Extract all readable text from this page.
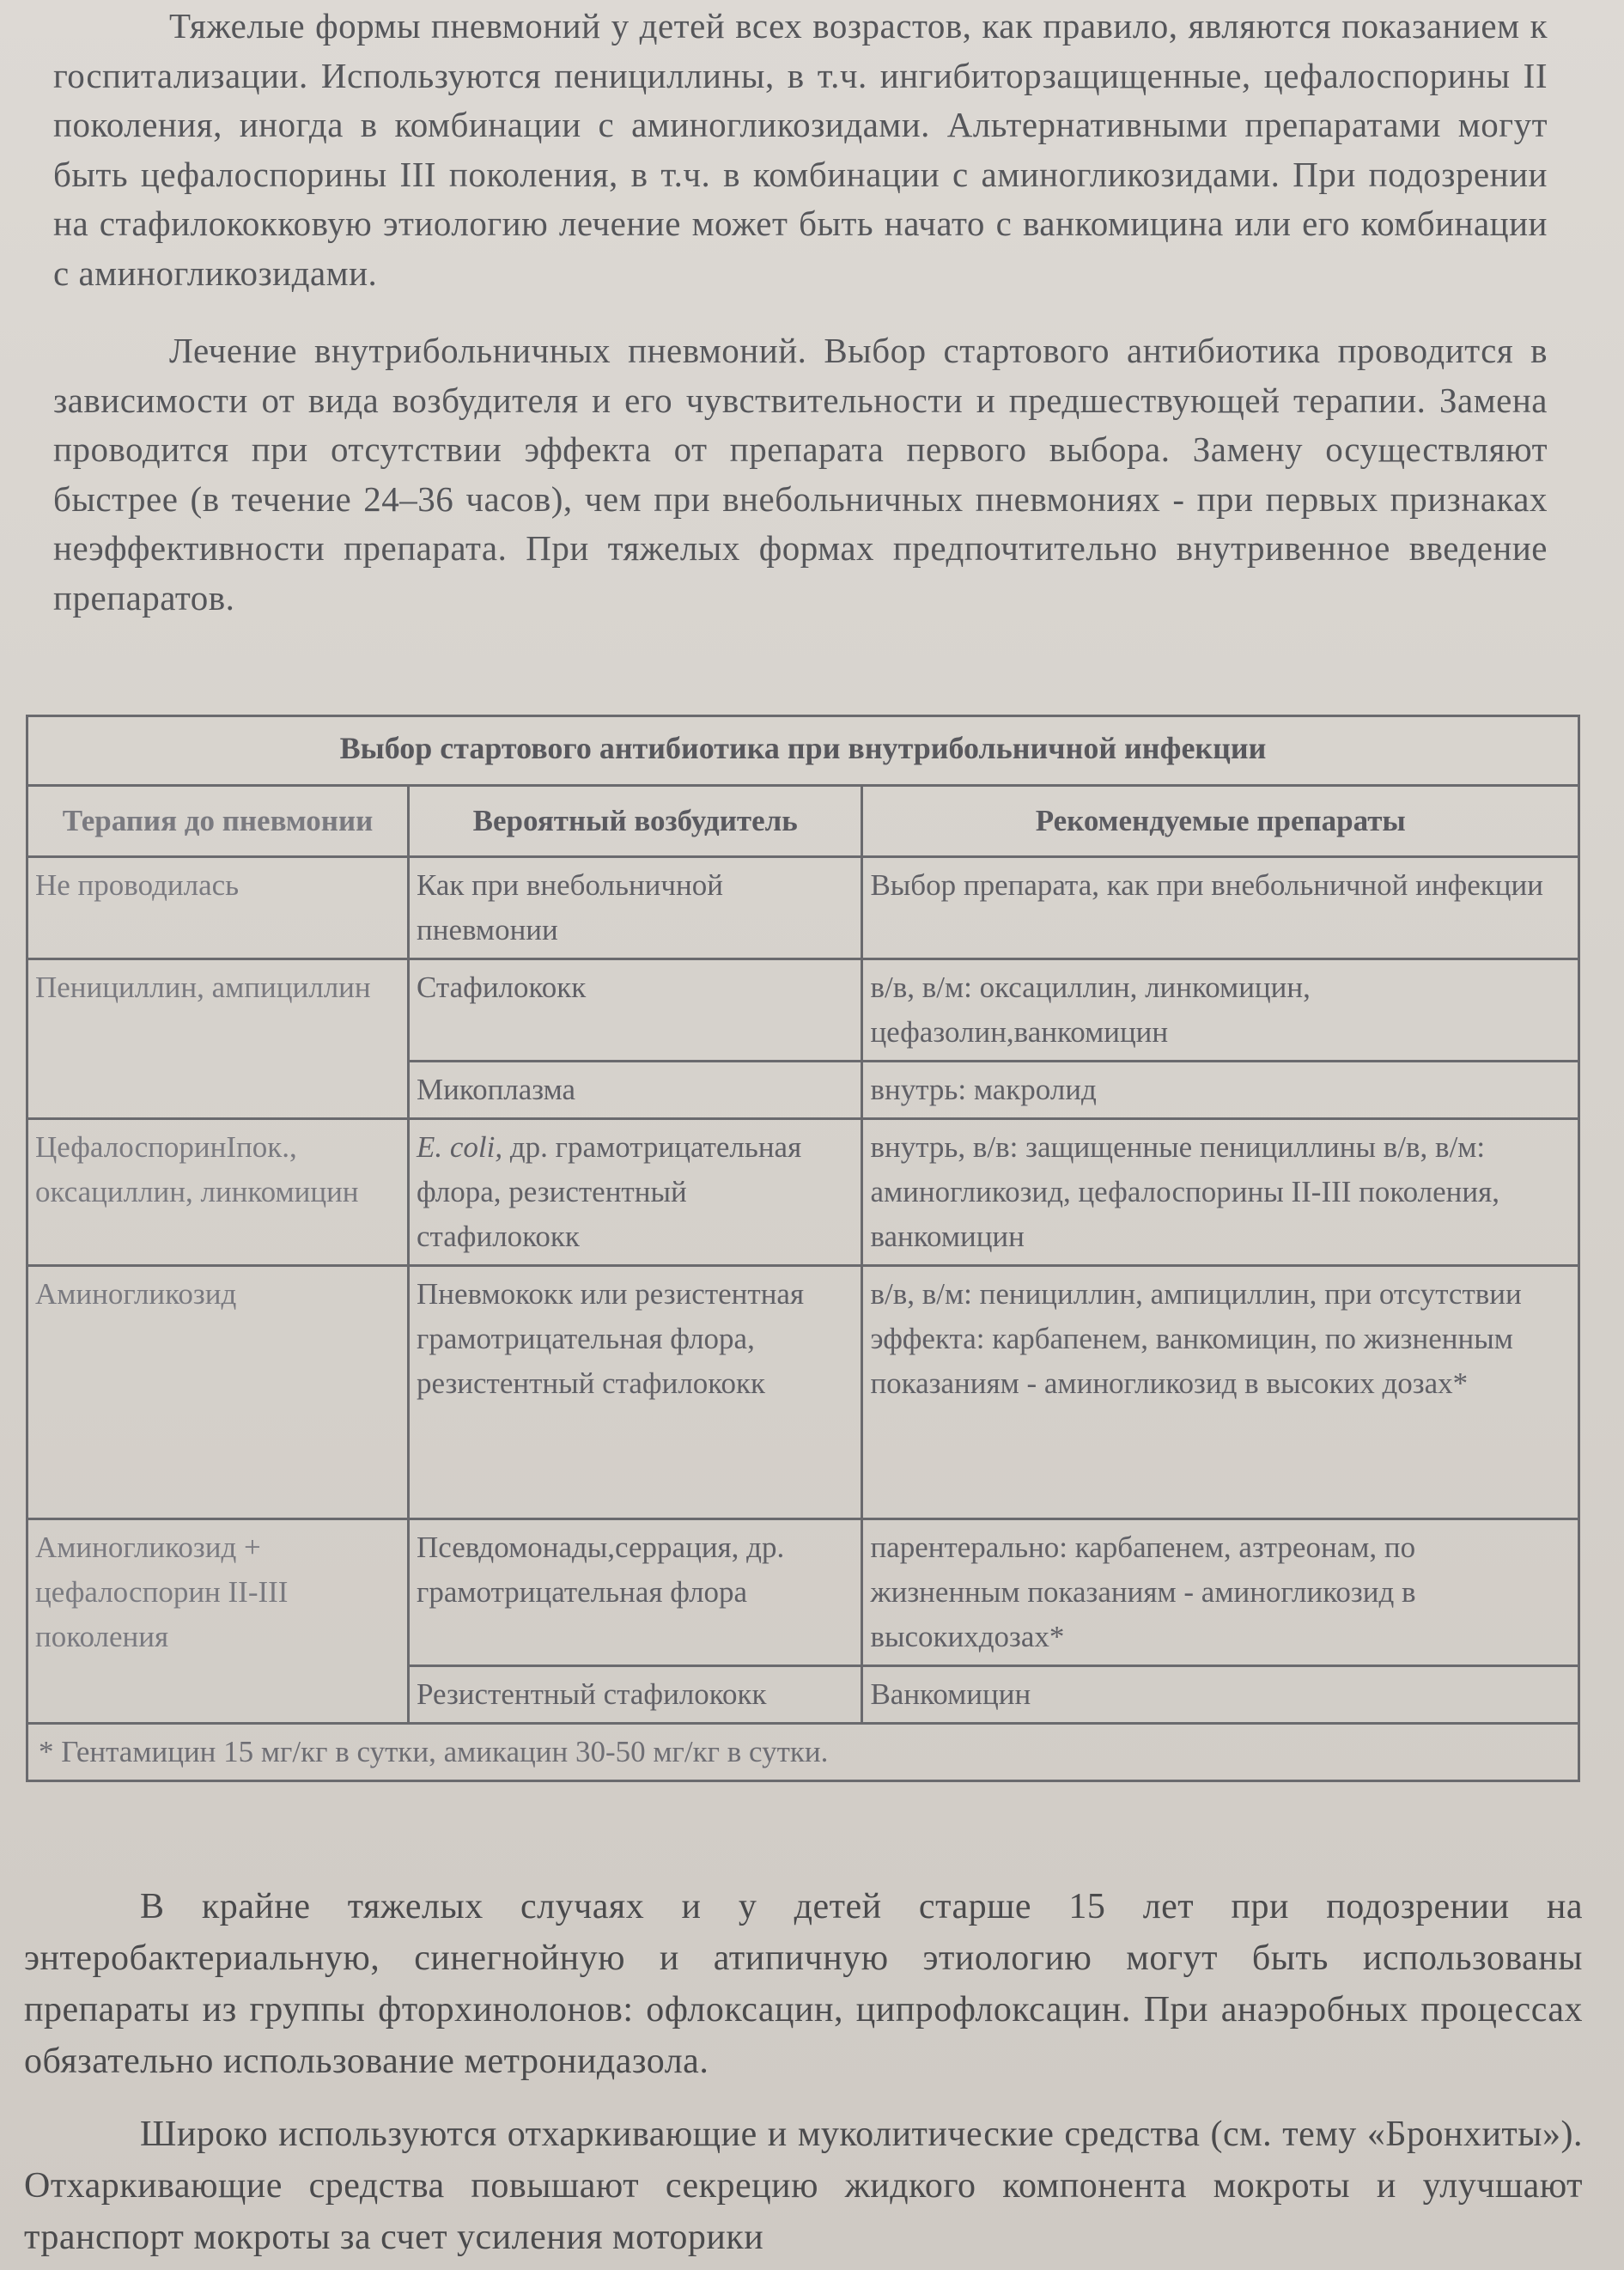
Тяжелые формы пневмоний у детей всех возрастов, как правило, являются показанием к госпитализации. Используются пенициллины, в т.ч. ингибиторзащищенные, цефалоспорины II поколения, иногда в комбинации с аминогликозидами. Альтернативными препаратами могут быть цефалоспорины III поколения, в т.ч. в комбинации с аминогликозидами. При подозрении на стафилококковую этиологию лечение может быть начато с ванкомицина или его комбинации с аминогликозидами.

Лечение внутрибольничных пневмоний. Выбор стартового антибиотика проводится в зависимости от вида возбудителя и его чувствительности и предшествующей терапии. Замена проводится при отсутствии эффекта от препарата первого выбора. Замену осуществляют быстрее (в течение 24–36 часов), чем при внебольничных пневмониях - при первых признаках неэффективности препарата. При тяжелых формах предпочтительно внутривенное введение препаратов.

Выбор стартового антибиотика при внутрибольничной инфекции		
Терапия до пневмонии	Вероятный возбудитель	Рекомендуемые препараты
Не проводилась	Как при внебольничной пневмонии	Выбор препарата, как при внебольничной инфекции
Пенициллин, ампициллин	Стафилококк	в/в, в/м: оксациллин, линкомицин, цефазолин,ванкомицин
	Микоплазма	внутрь: макролид
ЦефалоспоринIпок., оксациллин, линкомицин	E. coli, др. грамотрицательная флора, резистентный стафилококк	внутрь, в/в: защищенные пенициллины в/в, в/м: аминогликозид, цефалоспорины II-III поколения, ванкомицин
Аминогликозид	Пневмококк или резистентная грамотрицательная флора, резистентный стафилококк	в/в, в/м: пенициллин, ампициллин, при отсутствии эффекта: карбапенем, ванкомицин, по жизненным показаниям - аминогликозид в высоких дозах*
Аминогликозид + цефалоспорин II-III поколения	Псевдомонады,серрация, др. грамотрицательная флора	парентерально: карбапенем, азтреонам, по жизненным показаниям - аминогликозид в высокихдозах*
	Резистентный стафилококк	Ванкомицин
* Гентамицин 15 мг/кг в сутки, амикацин 30-50 мг/кг в сутки.		

В крайне тяжелых случаях и у детей старше 15 лет при подозрении на энтеробактериальную, синегнойную и атипичную этиологию могут быть использованы препараты из группы фторхинолонов: офлоксацин, ципрофлоксацин. При анаэробных процессах обязательно использование метронидазола.

Широко используются отхаркивающие и муколитические средства (см. тему «Бронхиты»). Отхаркивающие средства повышают секрецию жидкого компонента мокроты и улучшают транспорт мокроты за счет усиления моторики
